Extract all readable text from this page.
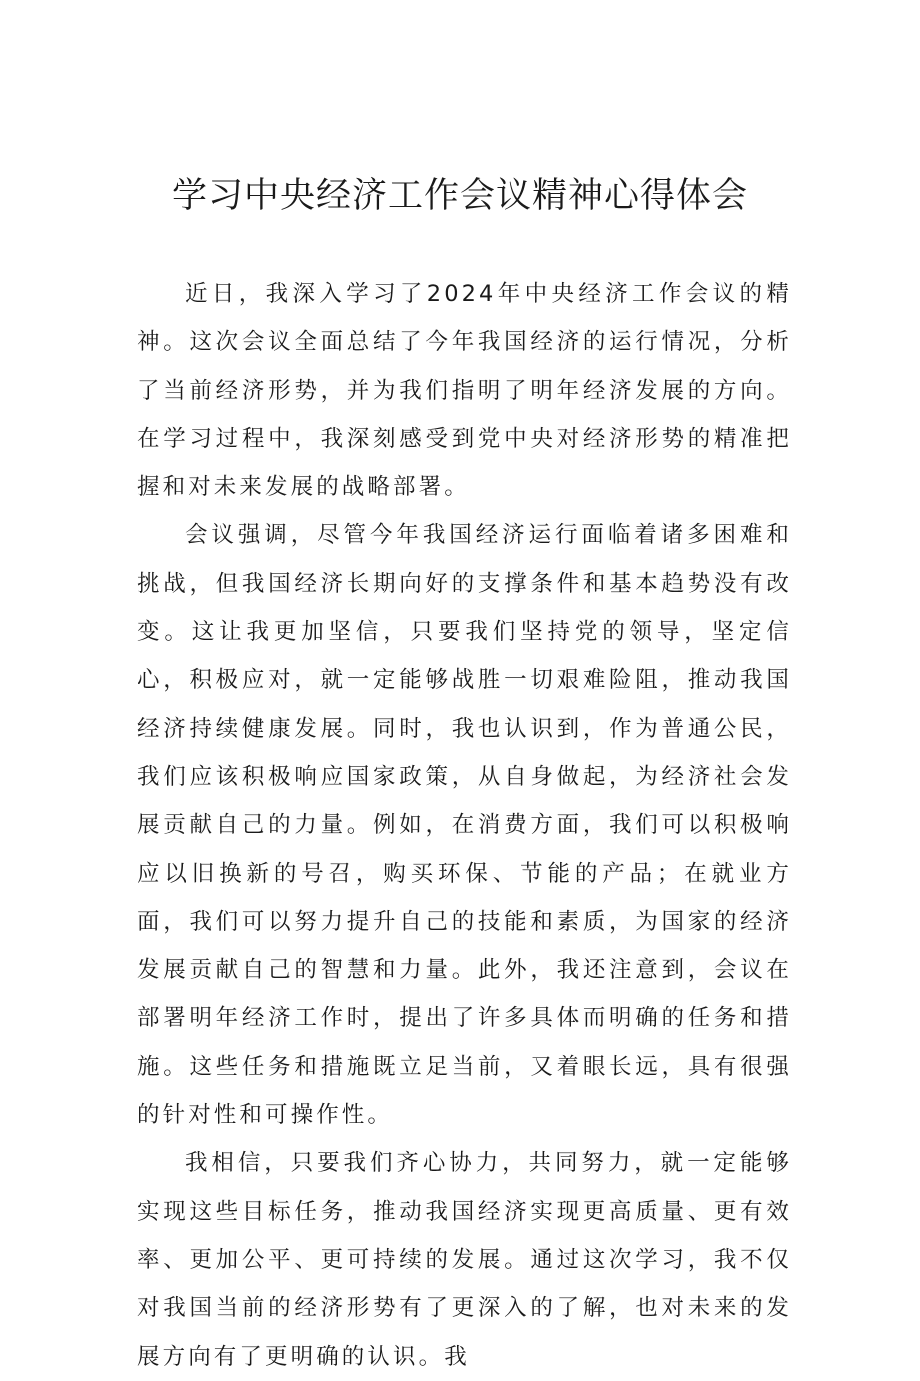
学习中央经济工作会议精神心得体会

近日，我深入学习了2024年中央经济工作会议的精神。这次会议全面总结了今年我国经济的运行情况，分析了当前经济形势，并为我们指明了明年经济发展的方向。在学习过程中，我深刻感受到党中央对经济形势的精准把握和对未来发展的战略部署。

会议强调，尽管今年我国经济运行面临着诸多困难和挑战，但我国经济长期向好的支撑条件和基本趋势没有改变。这让我更加坚信，只要我们坚持党的领导，坚定信心，积极应对，就一定能够战胜一切艰难险阻，推动我国经济持续健康发展。同时，我也认识到，作为普通公民，我们应该积极响应国家政策，从自身做起，为经济社会发展贡献自己的力量。例如，在消费方面，我们可以积极响应以旧换新的号召，购买环保、节能的产品；在就业方面，我们可以努力提升自己的技能和素质，为国家的经济发展贡献自己的智慧和力量。此外，我还注意到，会议在部署明年经济工作时，提出了许多具体而明确的任务和措施。这些任务和措施既立足当前，又着眼长远，具有很强的针对性和可操作性。

我相信，只要我们齐心协力，共同努力，就一定能够实现这些目标任务，推动我国经济实现更高质量、更有效率、更加公平、更可持续的发展。通过这次学习，我不仅对我国当前的经济形势有了更深入的了解，也对未来的发展方向有了更明确的认识。我
